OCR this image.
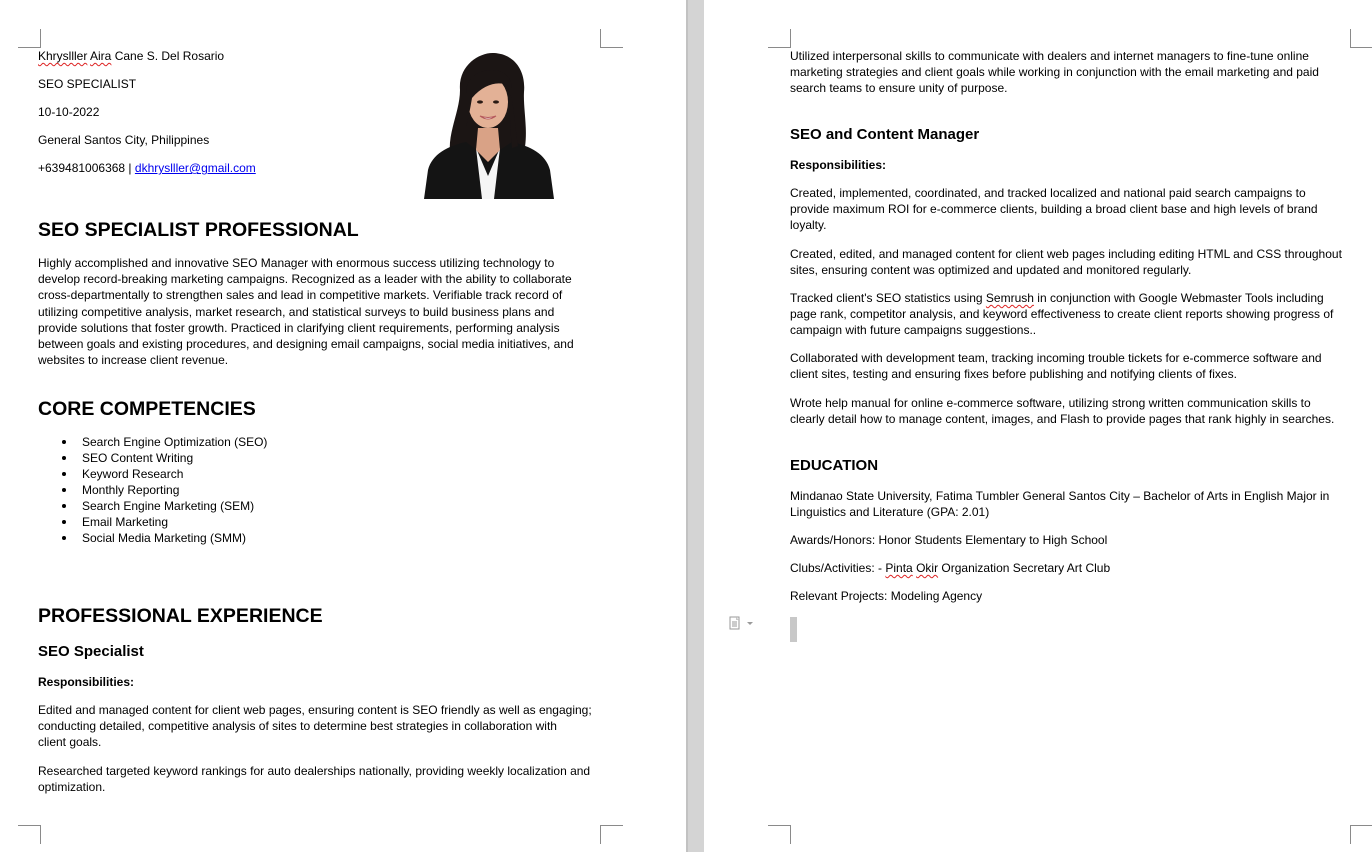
Khryslller Aira Cane S. Del Rosario
SEO SPECIALIST
10-10-2022
General Santos City, Philippines
+639481006368 | dkhryslller@gmail.com
SEO SPECIALIST PROFESSIONAL
Highly accomplished and innovative SEO Manager with enormous success utilizing technology to
develop record-breaking marketing campaigns. Recognized as a leader with the ability to collaborate
cross-departmentally to strengthen sales and lead in competitive markets. Verifiable track record of
utilizing competitive analysis, market research, and statistical surveys to build business plans and
provide solutions that foster growth. Practiced in clarifying client requirements, performing analysis
between goals and existing procedures, and designing email campaigns, social media initiatives, and
websites to increase client revenue.
CORE COMPETENCIES
Search Engine Optimization (SEO)
SEO Content Writing
Keyword Research
Monthly Reporting
Search Engine Marketing (SEM)
Email Marketing
Social Media Marketing (SMM)
PROFESSIONAL EXPERIENCE
SEO Specialist
Responsibilities:
Edited and managed content for client web pages, ensuring content is SEO friendly as well as engaging;
conducting detailed, competitive analysis of sites to determine best strategies in collaboration with
client goals.
Researched targeted keyword rankings for auto dealerships nationally, providing weekly localization and
optimization.
Utilized interpersonal skills to communicate with dealers and internet managers to fine-tune online
marketing strategies and client goals while working in conjunction with the email marketing and paid
search teams to ensure unity of purpose.
SEO and Content Manager
Responsibilities:
Created, implemented, coordinated, and tracked localized and national paid search campaigns to
provide maximum ROI for e-commerce clients, building a broad client base and high levels of brand
loyalty.
Created, edited, and managed content for client web pages including editing HTML and CSS throughout
sites, ensuring content was optimized and updated and monitored regularly.
Tracked client's SEO statistics using Semrush in conjunction with Google Webmaster Tools including
page rank, competitor analysis, and keyword effectiveness to create client reports showing progress of
campaign with future campaigns suggestions..
Collaborated with development team, tracking incoming trouble tickets for e-commerce software and
client sites, testing and ensuring fixes before publishing and notifying clients of fixes.
Wrote help manual for online e-commerce software, utilizing strong written communication skills to
clearly detail how to manage content, images, and Flash to provide pages that rank highly in searches.
EDUCATION
Mindanao State University, Fatima Tumbler General Santos City – Bachelor of Arts in English Major in
Linguistics and Literature (GPA: 2.01)
Awards/Honors: Honor Students Elementary to High School
Clubs/Activities: - Pinta Okir Organization Secretary Art Club
Relevant Projects: Modeling Agency
